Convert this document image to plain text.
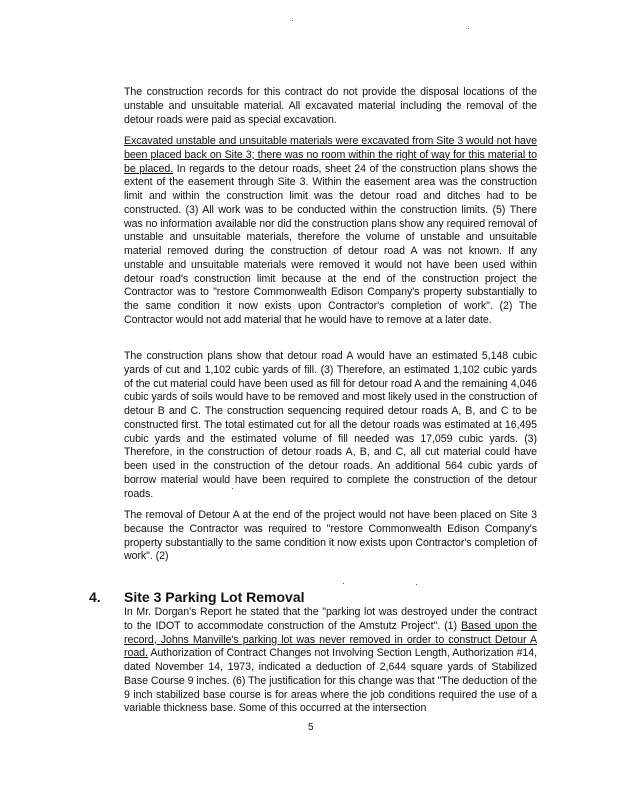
The construction records for this contract do not provide the disposal locations of the unstable and unsuitable material. All excavated material including the removal of the detour roads were paid as special excavation.

Excavated unstable and unsuitable materials were excavated from Site 3 would not have been placed back on Site 3; there was no room within the right of way for this material to be placed. In regards to the detour roads, sheet 24 of the construction plans shows the extent of the easement through Site 3. Within the easement area was the construction limit and within the construction limit was the detour road and ditches had to be constructed. (3) All work was to be conducted within the construction limits. (5) There was no information available nor did the construction plans show any required removal of unstable and unsuitable materials, therefore the volume of unstable and unsuitable material removed during the construction of detour road A was not known. If any unstable and unsuitable materials were removed it would not have been used within detour road's construction limit because at the end of the construction project the Contractor was to "restore Commonwealth Edison Company's property substantially to the same condition it now exists upon Contractor's completion of work". (2) The Contractor would not add material that he would have to remove at a later date.

The construction plans show that detour road A would have an estimated 5,148 cubic yards of cut and 1,102 cubic yards of fill. (3) Therefore, an estimated 1,102 cubic yards of the cut material could have been used as fill for detour road A and the remaining 4,046 cubic yards of soils would have to be removed and most likely used in the construction of detour B and C. The construction sequencing required detour roads A, B, and C to be constructed first. The total estimated cut for all the detour roads was estimated at 16,495 cubic yards and the estimated volume of fill needed was 17,059 cubic yards. (3) Therefore, in the construction of detour roads A, B, and C, all cut material could have been used in the construction of the detour roads. An additional 564 cubic yards of borrow material would have been required to complete the construction of the detour roads.

The removal of Detour A at the end of the project would not have been placed on Site 3 because the Contractor was required to "restore Commonwealth Edison Company's property substantially to the same condition it now exists upon Contractor's completion of work". (2)

4. Site 3 Parking Lot Removal

In Mr. Dorgan's Report he stated that the "parking lot was destroyed under the contract to the IDOT to accommodate construction of the Amstutz Project". (1) Based upon the record, Johns Manville's parking lot was never removed in order to construct Detour A road. Authorization of Contract Changes not Involving Section Length, Authorization #14, dated November 14, 1973, indicated a deduction of 2,644 square yards of Stabilized Base Course 9 inches. (6) The justification for this change was that "The deduction of the 9 inch stabilized base course is for areas where the job conditions required the use of a variable thickness base. Some of this occurred at the intersection

5
